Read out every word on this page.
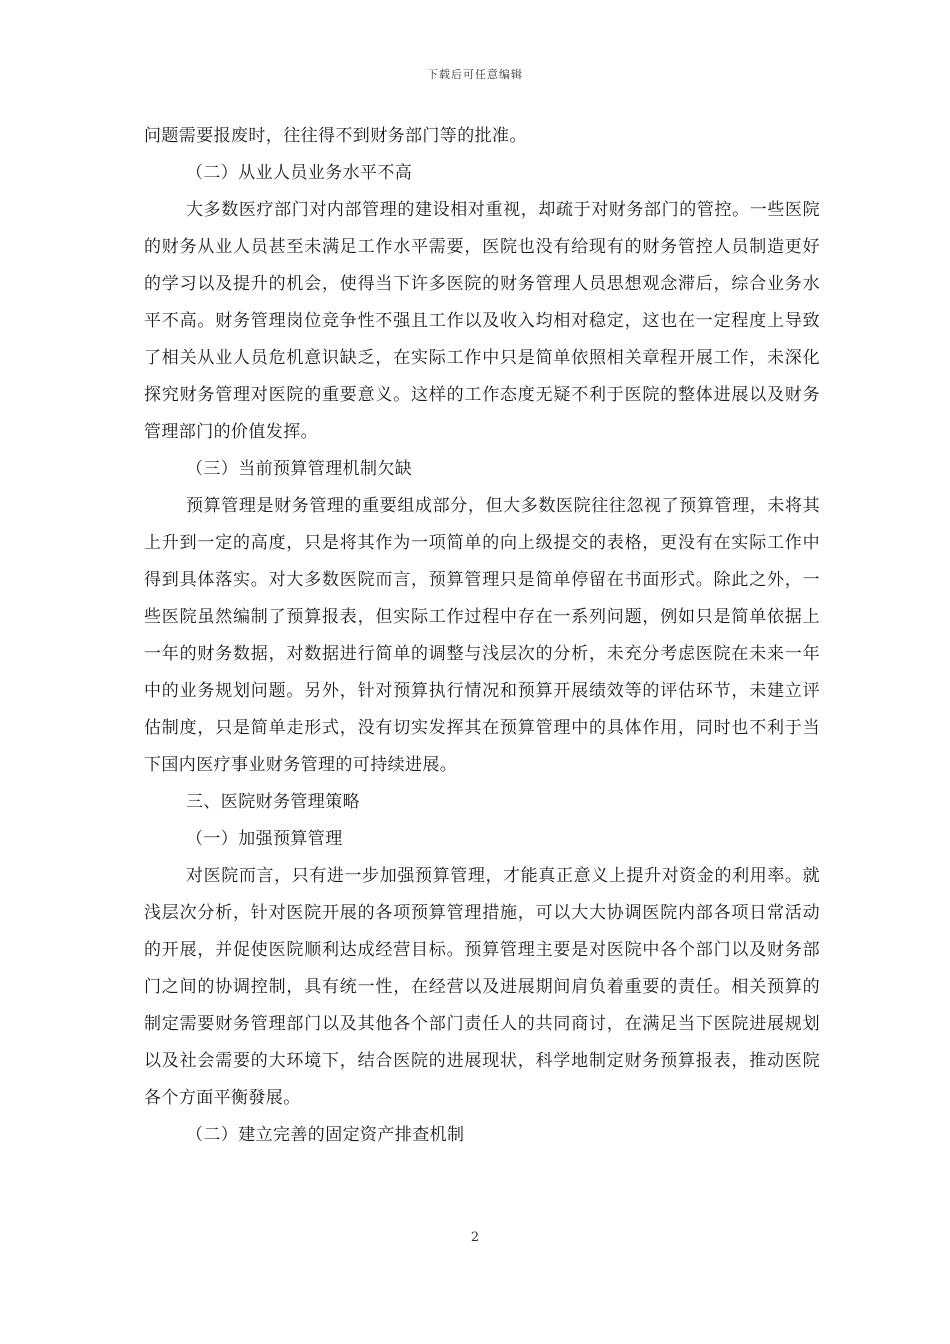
下载后可任意编辑

问题需要报废时，往往得不到财务部门等的批准。

（二）从业人员业务水平不高

大多数医疗部门对内部管理的建设相对重视，却疏于对财务部门的管控。一些医院的财务从业人员甚至未满足工作水平需要，医院也没有给现有的财务管控人员制造更好的学习以及提升的机会，使得当下许多医院的财务管理人员思想观念滞后，综合业务水平不高。财务管理岗位竞争性不强且工作以及收入均相对稳定，这也在一定程度上导致了相关从业人员危机意识缺乏，在实际工作中只是简单依照相关章程开展工作，未深化探究财务管理对医院的重要意义。这样的工作态度无疑不利于医院的整体进展以及财务管理部门的价值发挥。

（三）当前预算管理机制欠缺

预算管理是财务管理的重要组成部分，但大多数医院往往忽视了预算管理，未将其上升到一定的高度，只是将其作为一项简单的向上级提交的表格，更没有在实际工作中得到具体落实。对大多数医院而言，预算管理只是简单停留在书面形式。除此之外，一些医院虽然编制了预算报表，但实际工作过程中存在一系列问题，例如只是简单依据上一年的财务数据，对数据进行简单的调整与浅层次的分析，未充分考虑医院在未来一年中的业务规划问题。另外，针对预算执行情况和预算开展绩效等的评估环节，未建立评估制度，只是简单走形式，没有切实发挥其在预算管理中的具体作用，同时也不利于当下国内医疗事业财务管理的可持续进展。

三、医院财务管理策略

（一）加强预算管理

对医院而言，只有进一步加强预算管理，才能真正意义上提升对资金的利用率。就浅层次分析，针对医院开展的各项预算管理措施，可以大大协调医院内部各项日常活动的开展，并促使医院顺利达成经营目标。预算管理主要是对医院中各个部门以及财务部门之间的协调控制，具有统一性，在经营以及进展期间肩负着重要的责任。相关预算的制定需要财务管理部门以及其他各个部门责任人的共同商讨，在满足当下医院进展规划以及社会需要的大环境下，结合医院的进展现状，科学地制定财务预算报表，推动医院各个方面平衡發展。

（二）建立完善的固定资产排查机制

2
